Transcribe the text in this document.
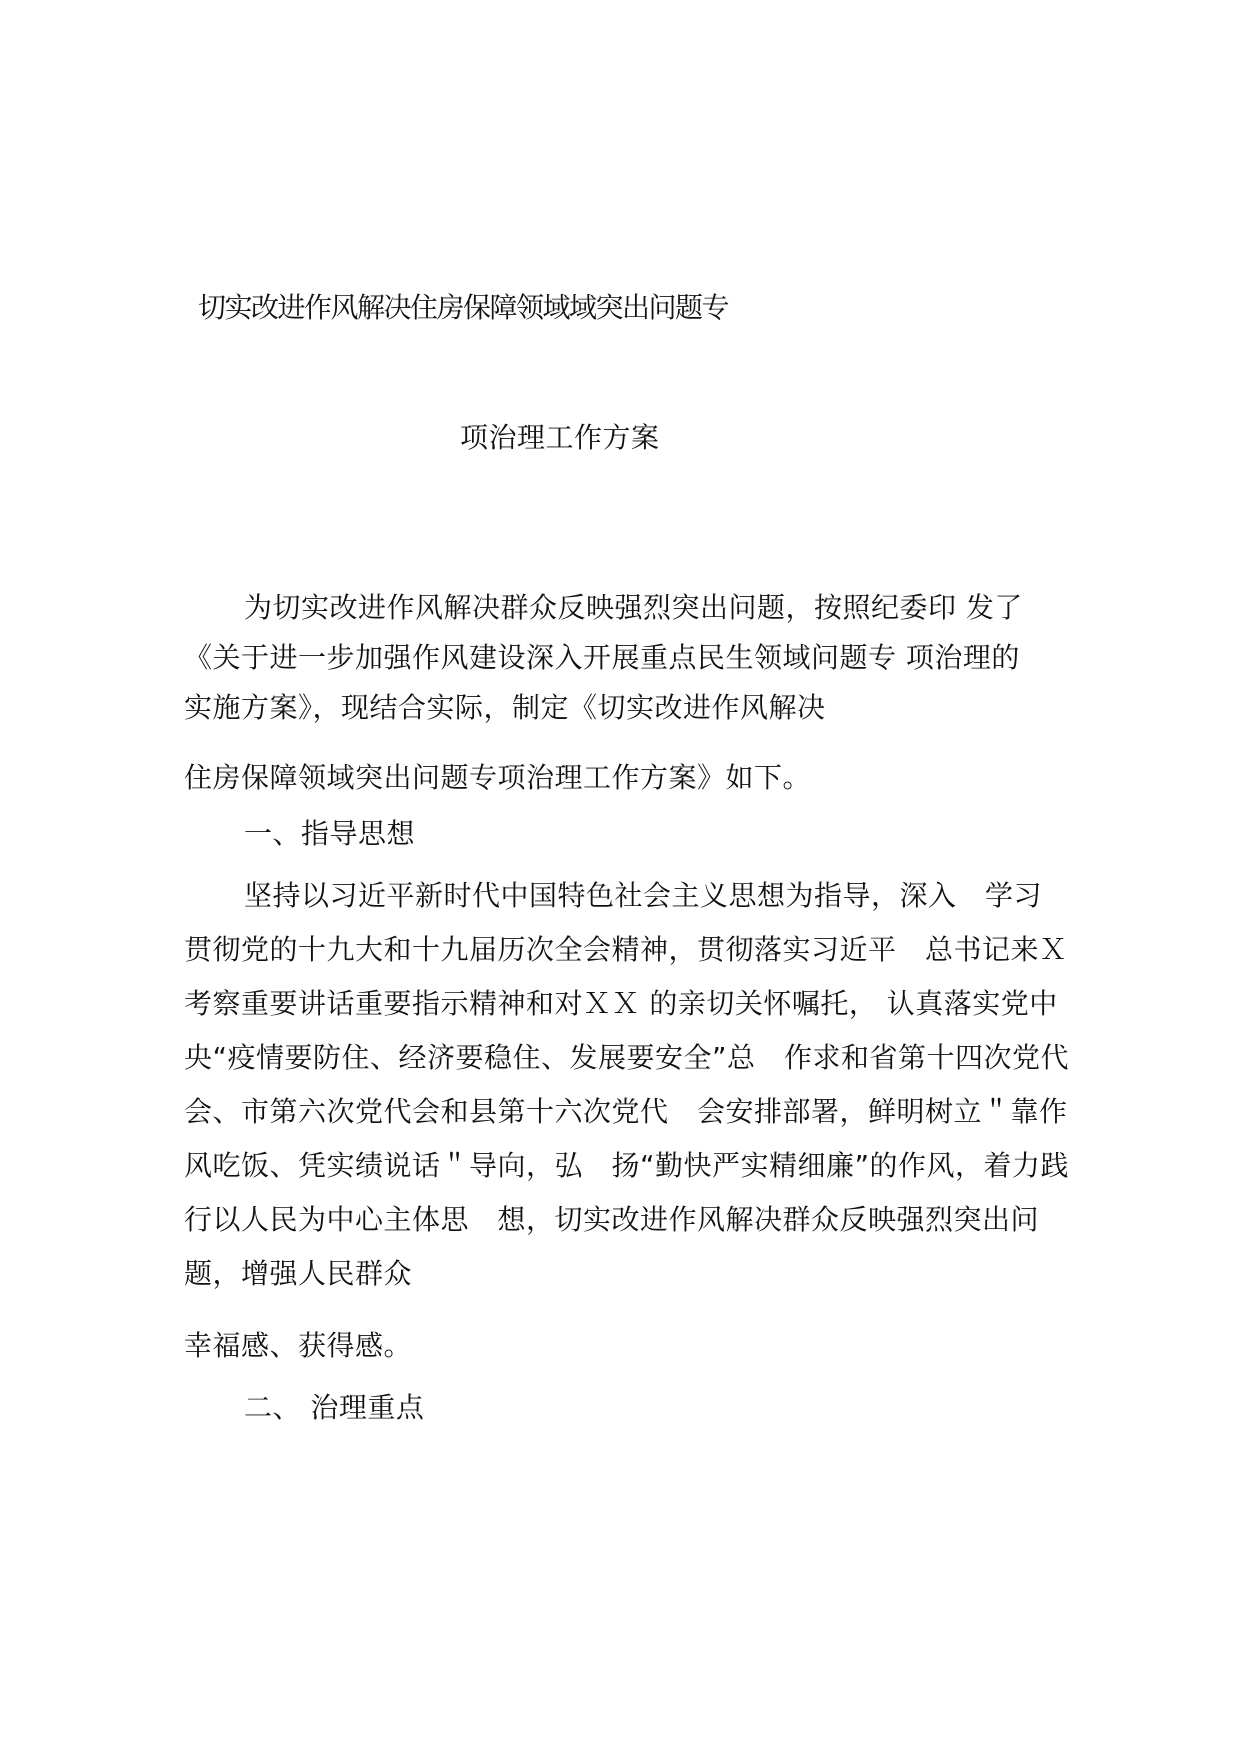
切实改进作风解决住房保障领域域突出问题专
项治理工作方案
为切实改进作风解决群众反映强烈突出问题，按照纪委印 发了
《关于进一步加强作风建设深入开展重点民生领域问题专 项治理的
实施方案》，现结合实际，制定《切实改进作风解决
住房保障领域突出问题专项治理工作方案》如下。
一、指导思想
坚持以习近平新时代中国特色社会主义思想为指导，深入　学习
贯彻党的十九大和十九届历次全会精神，贯彻落实习近平　总书记来Ｘ
考察重要讲话重要指示精神和对ＸＸ 的亲切关怀嘱托， 认真落实党中
央“疫情要防住、经济要稳住、发展要安全”总　作求和省第十四次党代
会、市第六次党代会和县第十六次党代　会安排部署，鲜明树立＂靠作
风吃饭、凭实绩说话＂导向，弘　扬“勤快严实精细廉”的作风，着力践
行以人民为中心主体思　想，切实改进作风解决群众反映强烈突出问
题，增强人民群众
幸福感、获得感。
二、 治理重点
